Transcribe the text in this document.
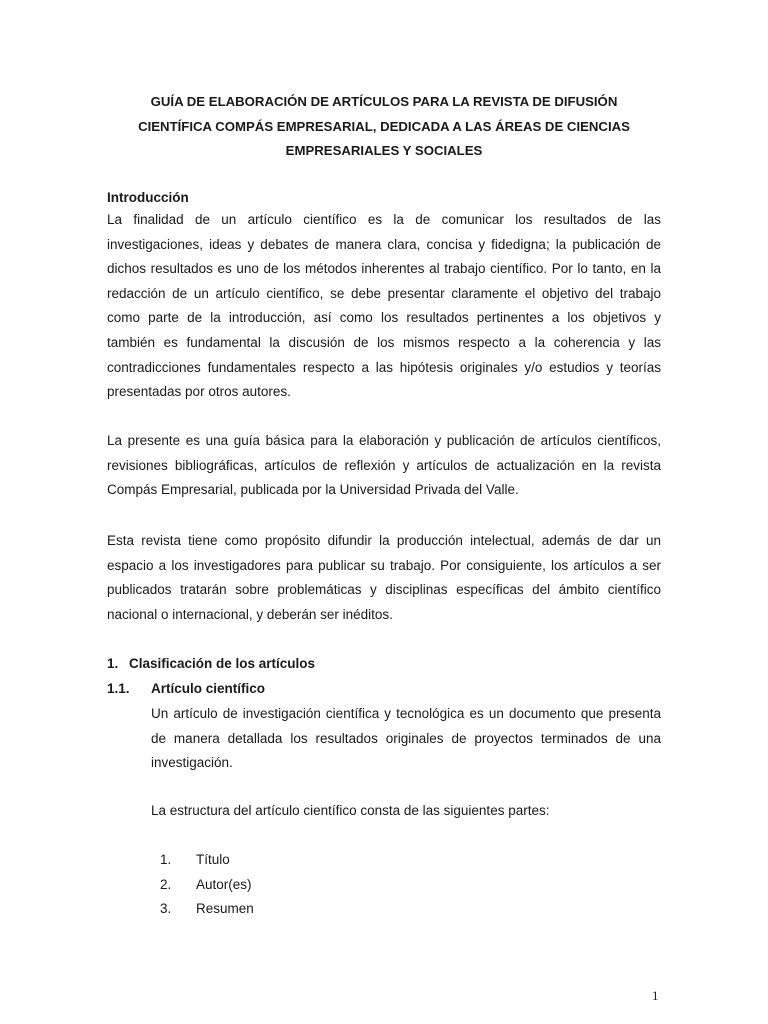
GUÍA DE ELABORACIÓN DE ARTÍCULOS PARA LA REVISTA DE DIFUSIÓN
CIENTÍFICA COMPÁS EMPRESARIAL, DEDICADA A LAS ÁREAS DE CIENCIAS
EMPRESARIALES Y SOCIALES
Introducción
La finalidad de un artículo científico es la de comunicar los resultados de las
investigaciones, ideas y debates de manera clara, concisa y fidedigna; la publicación de
dichos resultados es uno de los métodos inherentes al trabajo científico. Por lo tanto, en la
redacción de un artículo científico, se debe presentar claramente el objetivo del trabajo
como parte de la introducción, así como los resultados pertinentes a los objetivos y
también es fundamental la discusión de los mismos respecto a la coherencia y las
contradicciones fundamentales respecto a las hipótesis originales y/o estudios y teorías
presentadas por otros autores.
La presente es una guía básica para la elaboración y publicación de artículos científicos,
revisiones bibliográficas, artículos de reflexión y artículos de actualización en la revista
Compás Empresarial, publicada por la Universidad Privada del Valle.
Esta revista tiene como propósito difundir la producción intelectual, además de dar un
espacio a los investigadores para publicar su trabajo. Por consiguiente, los artículos a ser
publicados tratarán sobre problemáticas y disciplinas específicas del ámbito científico
nacional o internacional, y deberán ser inéditos.
1. Clasificación de los artículos
1.1. Artículo científico
Un artículo de investigación científica y tecnológica es un documento que presenta
de manera detallada los resultados originales de proyectos terminados de una
investigación.
La estructura del artículo científico consta de las siguientes partes:
1. Título
2. Autor(es)
3. Resumen
1
